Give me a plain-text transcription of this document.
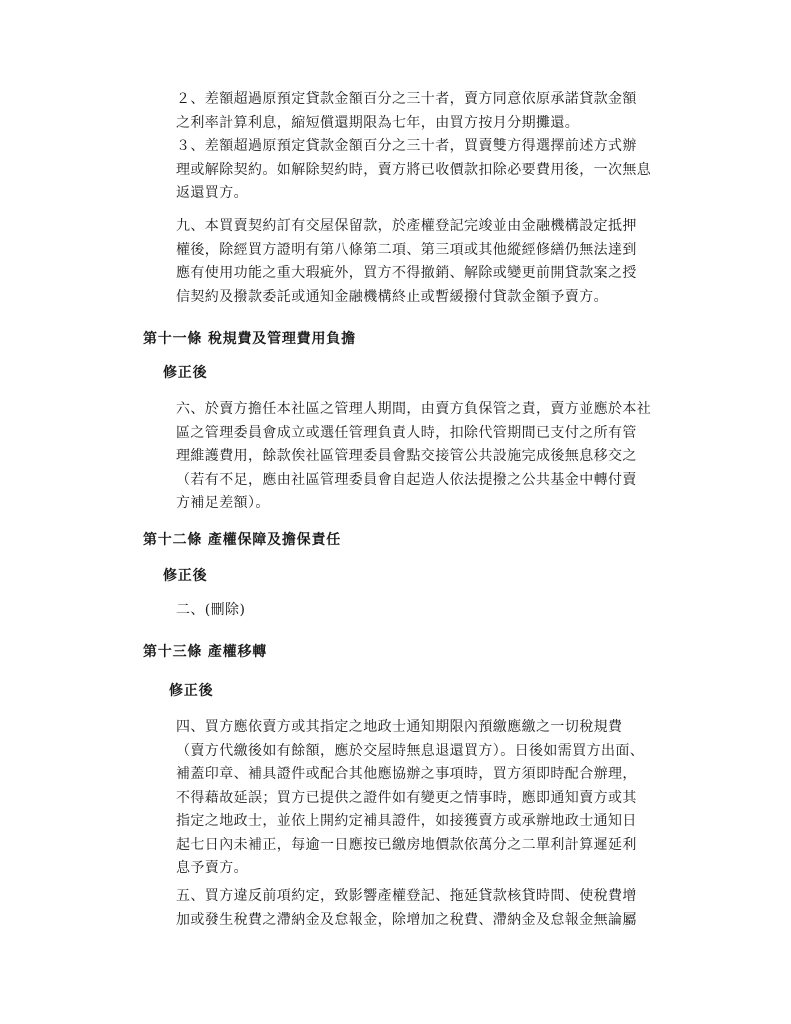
２、差額超過原預定貸款金額百分之三十者，賣方同意依原承諾貸款金額
之利率計算利息，縮短償還期限為七年，由買方按月分期攤還。
３、差額超過原預定貸款金額百分之三十者，買賣雙方得選擇前述方式辦
理或解除契約。如解除契約時，賣方將已收價款扣除必要費用後，一次無息
返還買方。
九、本買賣契約訂有交屋保留款，於產權登記完竣並由金融機構設定抵押
權後，除經買方證明有第八條第二項、第三項或其他縱經修繕仍無法達到
應有使用功能之重大瑕疵外，買方不得撤銷、解除或變更前開貸款案之授
信契約及撥款委託或通知金融機構終止或暫緩撥付貸款金額予賣方。
第十一條 稅規費及管理費用負擔
修正後
六、於賣方擔任本社區之管理人期間，由賣方負保管之責，賣方並應於本社
區之管理委員會成立或選任管理負責人時，扣除代管期間已支付之所有管
理維護費用，餘款俟社區管理委員會點交接管公共設施完成後無息移交之
（若有不足，應由社區管理委員會自起造人依法提撥之公共基金中轉付賣
方補足差額）。
第十二條 產權保障及擔保責任
修正後
二、(刪除)
第十三條 產權移轉
修正後
四、買方應依賣方或其指定之地政士通知期限內預繳應繳之一切稅規費
（賣方代繳後如有餘額，應於交屋時無息退還買方）。日後如需買方出面、
補蓋印章、補具證件或配合其他應協辦之事項時，買方須即時配合辦理，
不得藉故延誤；買方已提供之證件如有變更之情事時，應即通知賣方或其
指定之地政士，並依上開約定補具證件，如接獲賣方或承辦地政士通知日
起七日內未補正，每逾一日應按已繳房地價款依萬分之二單利計算遲延利
息予賣方。
五、買方違反前項約定，致影響產權登記、拖延貸款核貸時間、使稅費增
加或發生稅費之滯納金及怠報金，除增加之稅費、滯納金及怠報金無論屬
